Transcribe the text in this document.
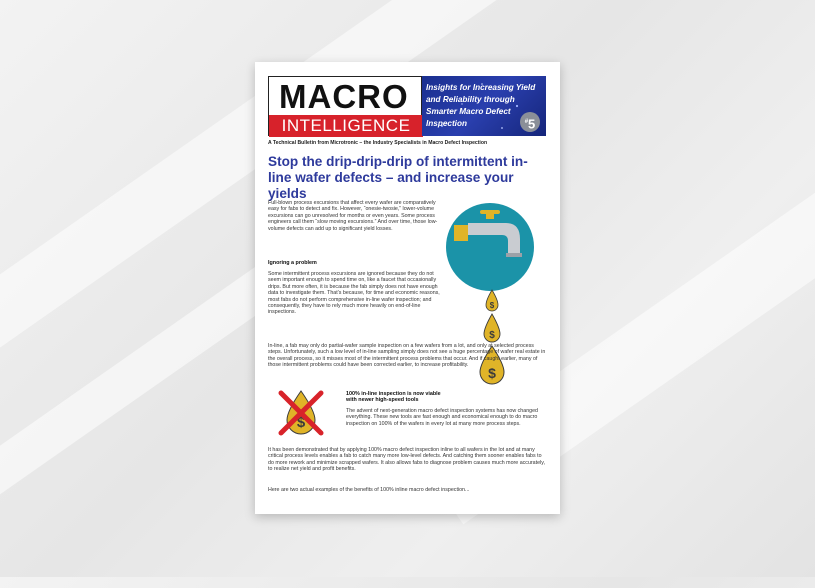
MACRO
INTELLIGENCE
Insights for Increasing Yield and Reliability through Smarter Macro Defect Inspection	#5
A Technical Bulletin from Microtronic – the Industry Specialists in Macro Defect Inspection
Stop the drip-drip-drip of intermittent in-line wafer defects – and increase your yields
Full-blown process excursions that affect every wafer are comparatively easy for fabs to detect and fix. However, “onesie-twosie,” lower-volume excursions can go unresolved for months or even years. Some process engineers call them “slow moving excursions.” And over time, those low-volume defects can add up to significant yield losses.
Ignoring a problem
Some intermittent process excursions are ignored because they do not seem important enough to spend time on, like a faucet that occasionally drips. But more often, it is because the fab simply does not have enough data to investigate them. That’s because, for time and economic reasons, most fabs do not perform comprehensive in-line wafer inspection; and consequently, they have to rely much more heavily on end-of-line inspections.
$
$
$
In-line, a fab may only do partial-wafer sample inspection on a few wafers from a lot, and only at selected process steps. Unfortunately, such a low level of in-line sampling simply does not see a huge percentage of wafer real estate in the overall process, so it misses most of the intermittent process problems that occur. And if caught earlier, many of those intermittent problems could have been corrected earlier, to increase profitability.
$
100% in-line inspection is now viable
with newer high-speed tools
The advent of next-generation macro defect inspection systems has now changed everything. These new tools are fast enough and economical enough to do macro inspection on 100% of the wafers in every lot at many more process steps.
It has been demonstrated that by applying 100% macro defect inspection inline to all wafers in the lot and at many critical process levels enables a fab to catch many more low-level defects. And catching them sooner enables fabs to do more rework and minimize scrapped wafers. It also allows fabs to diagnose problem causes much more accurately, to realize net yield and profit benefits.
Here are two actual examples of the benefits of 100% inline macro defect inspection...
